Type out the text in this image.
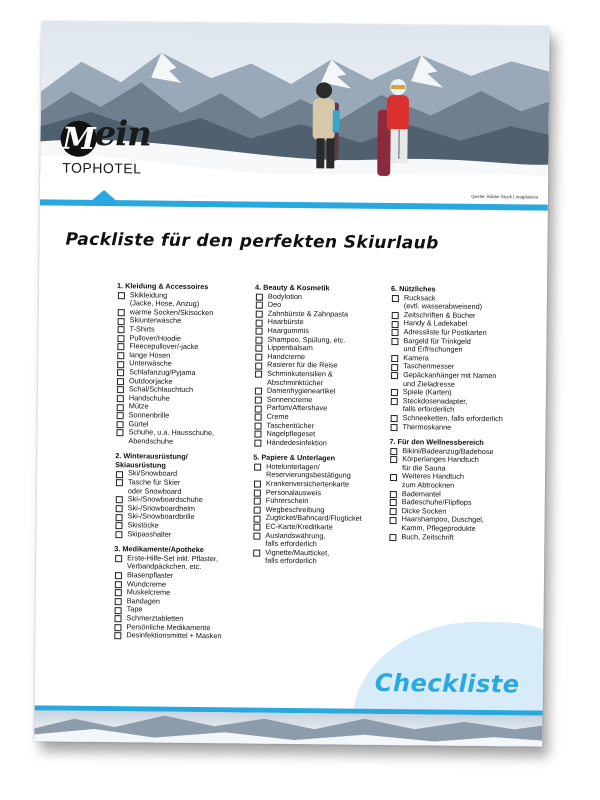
Mein
TOPHOTEL
Quelle: Adobe Stock | magdalena
Packliste für den perfekten Skiurlaub
1. Kleidung & Accessoires
Skikleidung
(Jacke, Hose, Anzug)
warme Socken/Skisocken
Skiunterwäsche
T-Shirts
Pullover/Hoodie
Fleecepullover/-jacke
lange Hosen
Unterwäsche
Schlafanzug/Pyjama
Outdoorjacke
Schal/Schlauchtuch
Handschuhe
Mütze
Sonnenbrille
Gürtel
Schuhe, u.a. Hausschuhe,
Abendschuhe
2. Winterausrüstung/
Skiausrüstung
Ski/Snowboard
Tasche für Skier
oder Snowboard
Ski-/Snowboardschuhe
Ski-/Snowboardhelm
Ski-/Snowboardbrille
Skistöcke
Skipasshalter
3. Medikamente/Apotheke
Erste-Hilfe-Set inkl. Pflaster,
Verbandpäckchen, etc.
Blasenpflaster
Wundcreme
Muskelcreme
Bandagen
Tape
Schmerztabletten
Persönliche Medikamente
Desinfektionsmittel + Masken
4. Beauty & Kosmetik
Bodylotion
Deo
Zahnbürste & Zahnpasta
Haarbürste
Haargummis
Shampoo, Spülung, etc.
Lippenbalsam
Handcreme
Rasierer für die Reise
Schminkutensilien &
Abschminktücher
Damenhygieneartikel
Sonnencreme
Parfüm/Aftershave
Creme
Taschentücher
Nagelpflegeset
Händedesinfektion
5. Papiere & Unterlagen
Hotelunterlagen/
Reservierungsbestätigung
Krankenversichertenkarte
Personalausweis
Führerschein
Wegbeschreibung
Zugticket/Bahncard/Flugticket
EC-Karte/Kreditkarte
Auslandswährung,
falls erforderlich
Vignette/Mautticket,
falls erforderlich
6. Nützliches
Rucksack
(evtl. wasserabweisend)
Zeitschriften & Bücher
Handy & Ladekabel
Adressliste für Postkarten
Bargeld für Trinkgeld
und Erfrischungen
Kamera
Taschenmesser
Gepäckanhänger mit Namen
und Zieladresse
Spiele (Karten)
Steckdosenadapter,
falls erforderlich
Schneeketten, falls erforderlich
Thermoskanne
7. Für den Wellnessbereich
Bikini/Badeanzug/Badehose
Körperlanges Handtuch
für die Sauna
Weiteres Handtuch
zum Abtrocknen
Bademantel
Badeschuhe/Flipflops
Dicke Socken
Haarshampoo, Duschgel,
Kamm, Pflegeprodukte
Buch, Zeitschrift
Checkliste
